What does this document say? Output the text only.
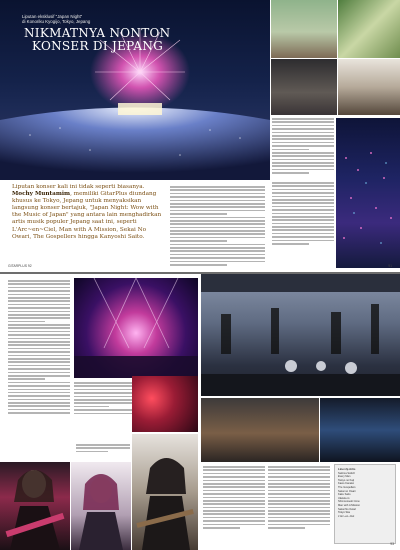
Liputan eksklusif "Japan Night"
di Konoriku Kyogijo, Tokyo, Jepang
NIKMATNYA NONTON
KONSER DI JEPANG
Liputan konser kali ini tidak seperti biasanya. Mochy Muntamim, memiliki GitarPlus diundang khusus ke Tokyo, Jepang untuk menyaksikan langsung konser bertajuk, "Japan Night: Wow with the Music of Japan" yang antara lain menghadirkan artis musik populer Jepang saat ini, seperti L'Arc~en~Ciel, Man with A Mission, Sekai No Owari, The Gospellers hingga Kanyoshi Saito.
GITARPLUS 92	91
Line-Up Artis
Sukima Switch
Every Man
Taisyo no Kaji
Kawo Kaneko
The Gospellers
Sekai no Owari
Kaku Saito
Ukelele-G
Shimonoseki Crew
Man with A Mission
Sekai No Owari
Tokyo Ska
L'Arc~en~Ciel
93
